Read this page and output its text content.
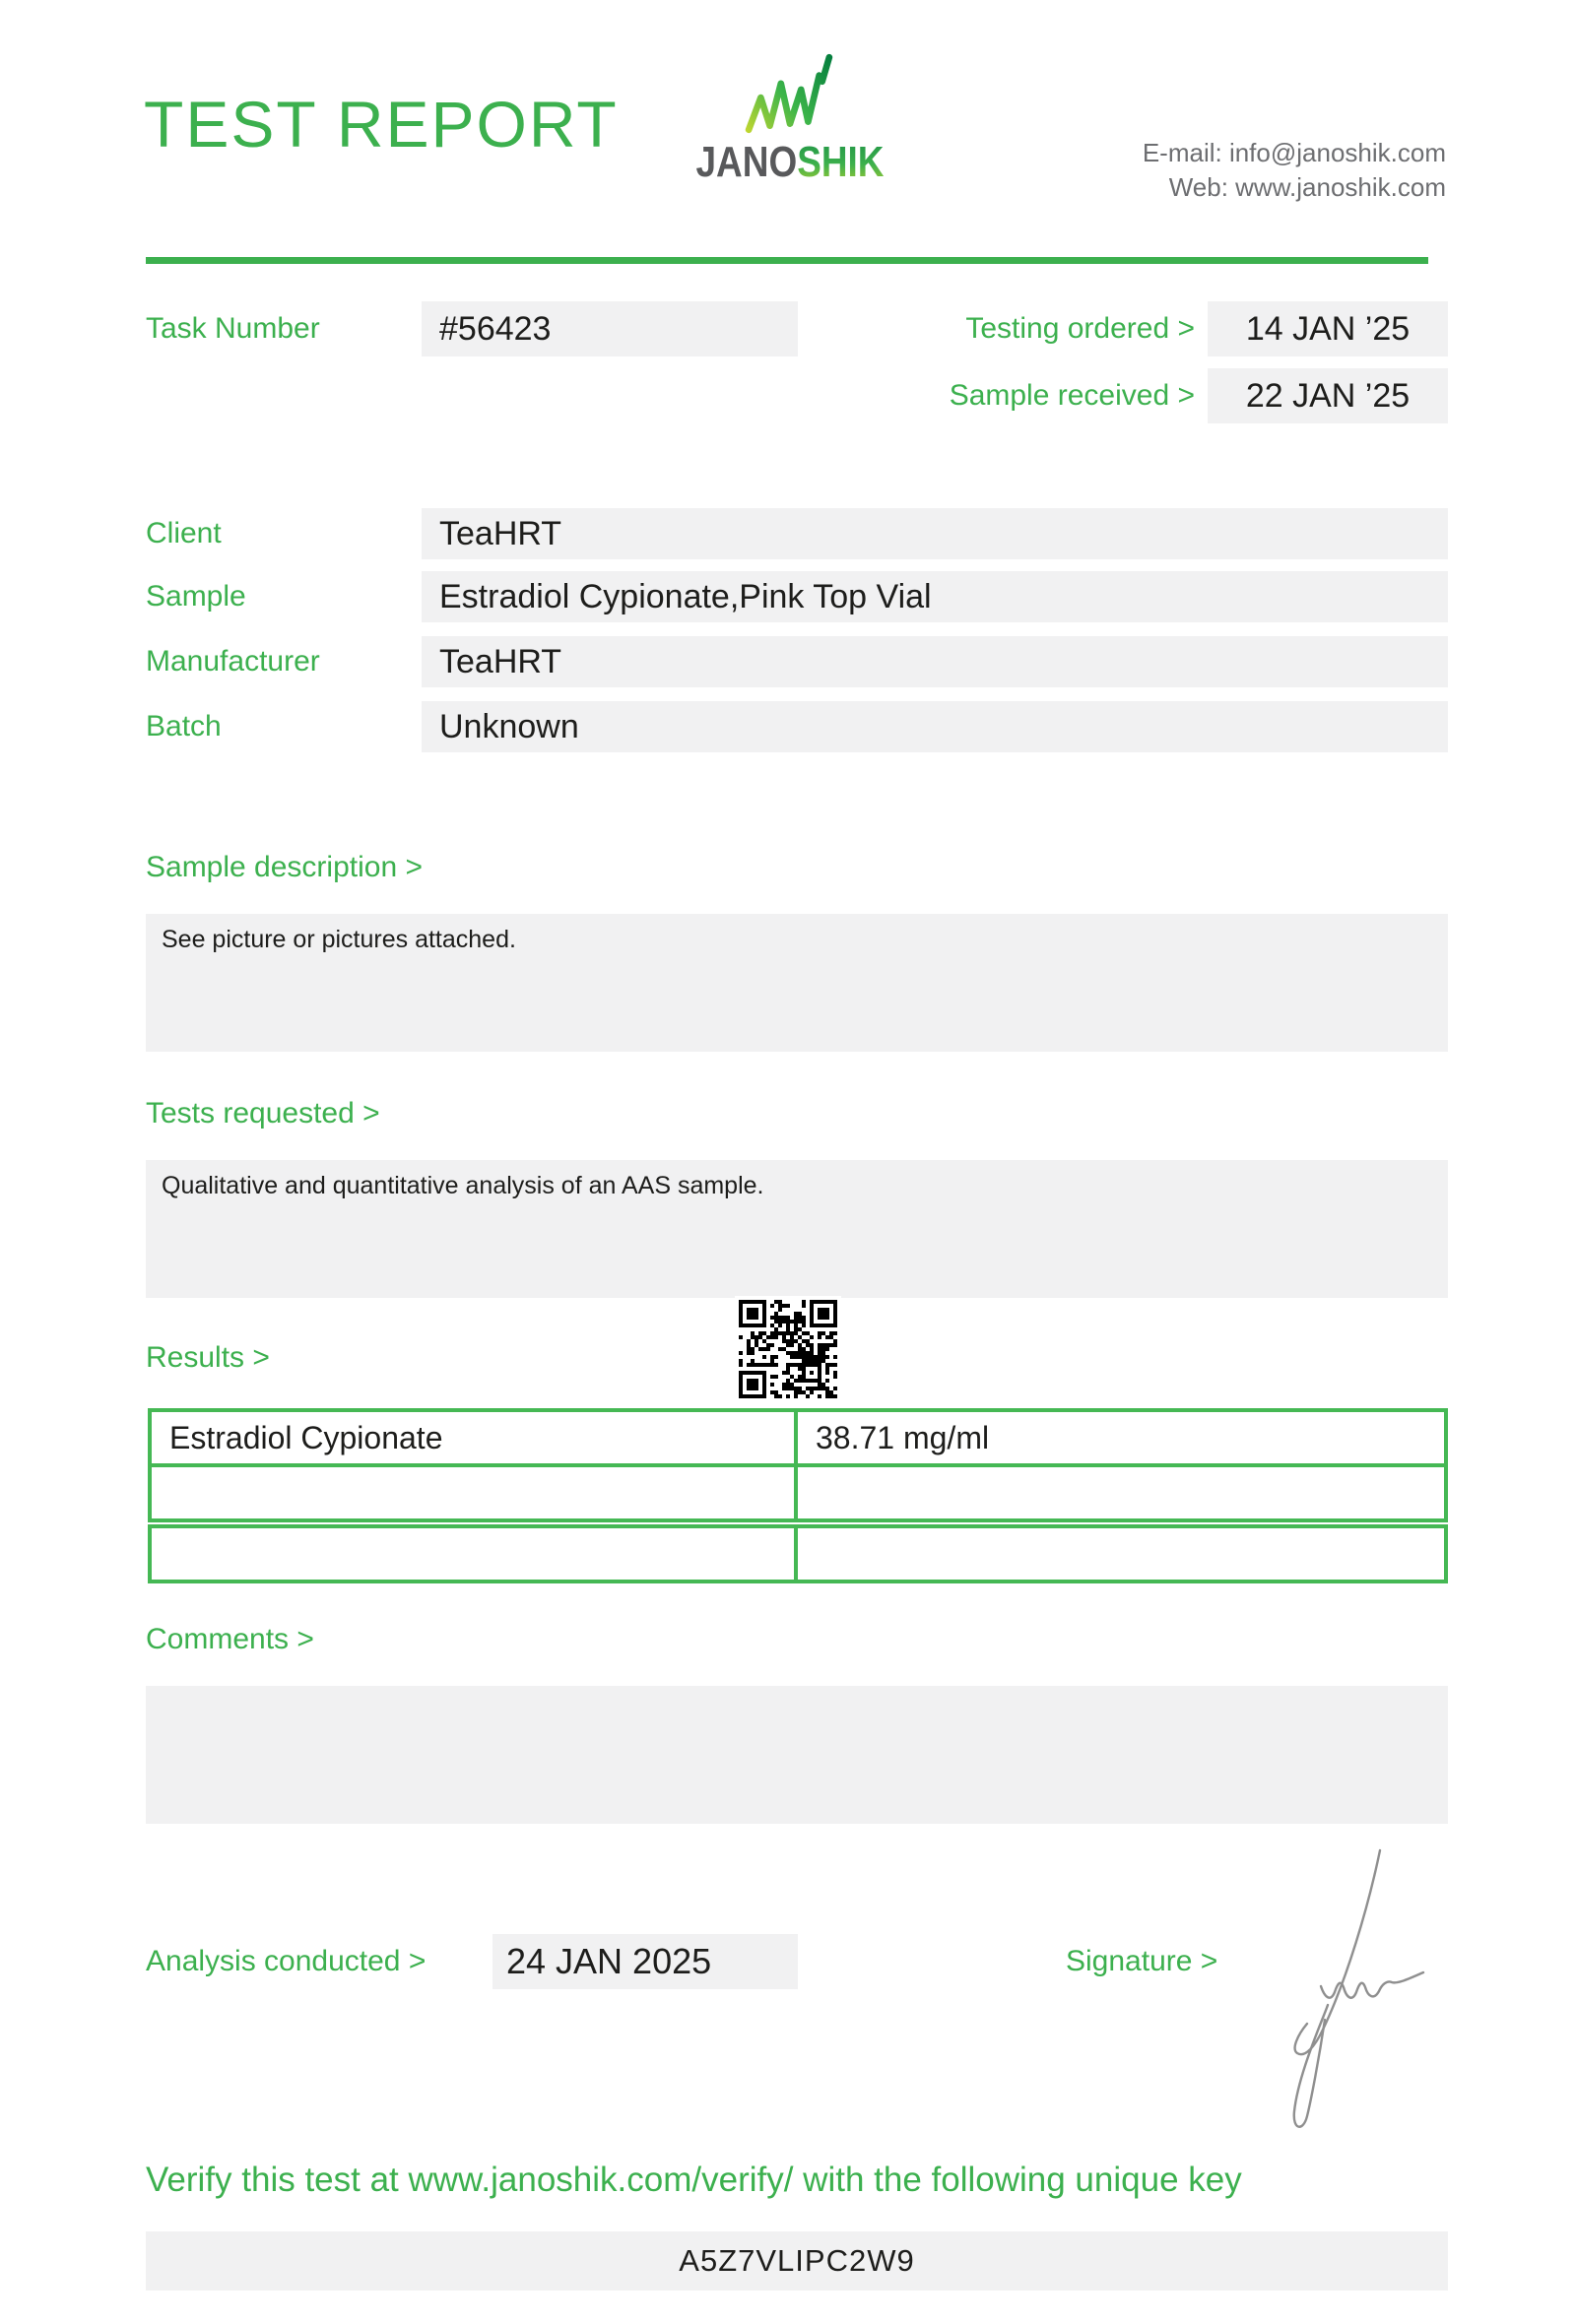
TEST REPORT
JANOSHIK	E-mail: info@janoshik.com
Web: www.janoshik.com
Task Number	#56423	Testing ordered >	14 JAN ’25
Sample received >	22 JAN ’25
Client	TeaHRT
Sample	Estradiol Cypionate,Pink Top Vial
Manufacturer	TeaHRT
Batch	Unknown
Sample description >
See picture or pictures attached.
Tests requested >
Qualitative and quantitative analysis of an AAS sample.
Results >
Estradiol Cypionate	38.71 mg/ml
Comments >
Analysis conducted >	24 JAN 2025	Signature >
Verify this test at www.janoshik.com/verify/ with the following unique key
A5Z7VLIPC2W9
